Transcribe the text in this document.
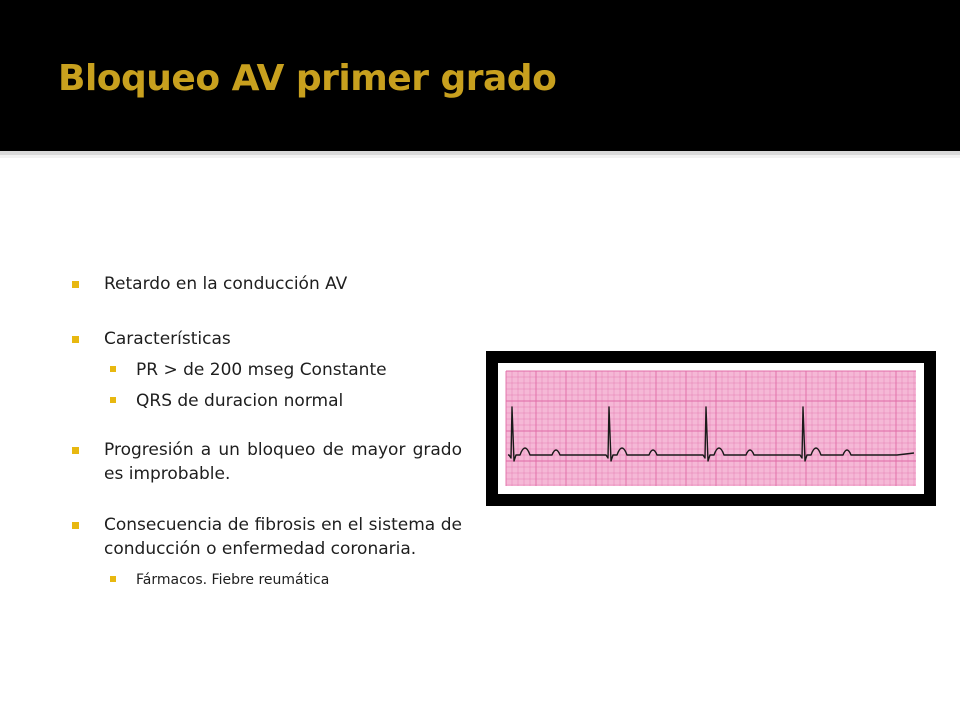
Bloqueo AV primer grado
Retardo en la conducción AV
Características
PR > de 200 mseg Constante
QRS de duracion normal
Progresión a un bloqueo de mayor grado es improbable.
Consecuencia de fibrosis en el sistema de conducción o enfermedad coronaria.
Fármacos. Fiebre reumática
